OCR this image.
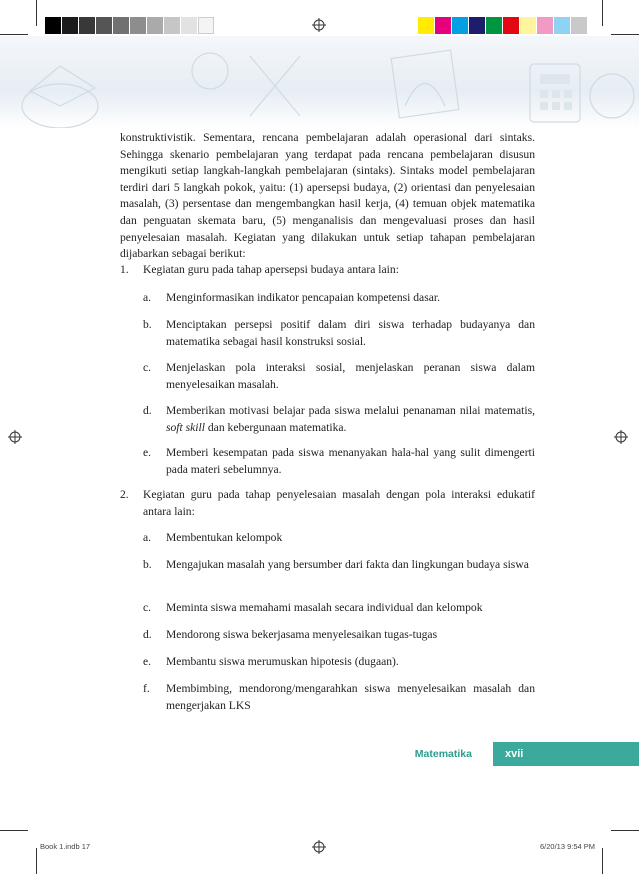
konstruktivistik. Sementara, rencana pembelajaran adalah operasional dari sintaks. Sehingga skenario pembelajaran yang terdapat pada rencana pembelajaran disusun mengikuti setiap langkah-langkah pembelajaran (sintaks). Sintaks model pembelajaran terdiri dari 5 langkah pokok, yaitu: (1) apersepsi budaya, (2) orientasi dan penyelesaian masalah, (3) persentase dan mengembangkan hasil kerja, (4) temuan objek matematika dan penguatan skemata baru, (5) menganalisis dan mengevaluasi proses dan hasil penyelesaian masalah. Kegiatan yang dilakukan untuk setiap tahapan pembelajaran dijabarkan sebagai berikut:

1. Kegiatan guru pada tahap apersepsi budaya antara lain:
a. Menginformasikan indikator pencapaian kompetensi dasar.
b. Menciptakan persepsi positif dalam diri siswa terhadap budayanya dan matematika sebagai hasil konstruksi sosial.
c. Menjelaskan pola interaksi sosial, menjelaskan peranan siswa dalam menyelesaikan masalah.
d. Memberikan motivasi belajar pada siswa melalui penanaman nilai matematis, soft skill dan kebergunaan matematika.
e. Memberi kesempatan pada siswa menanyakan hala-hal yang sulit dimengerti pada materi sebelumnya.
2. Kegiatan guru pada tahap penyelesaian masalah dengan pola interaksi edukatif antara lain:
a. Membentukan kelompok
b. Mengajukan masalah yang bersumber dari fakta dan lingkungan budaya siswa
c. Meminta siswa memahami masalah secara individual dan kelompok
d. Mendorong siswa bekerjasama menyelesaikan tugas-tugas
e. Membantu siswa merumuskan hipotesis (dugaan).
f. Membimbing, mendorong/mengarahkan siswa menyelesaikan masalah dan mengerjakan LKS
Matematika	xvii
Book 1.indb 17	6/20/13 9:54 PM
